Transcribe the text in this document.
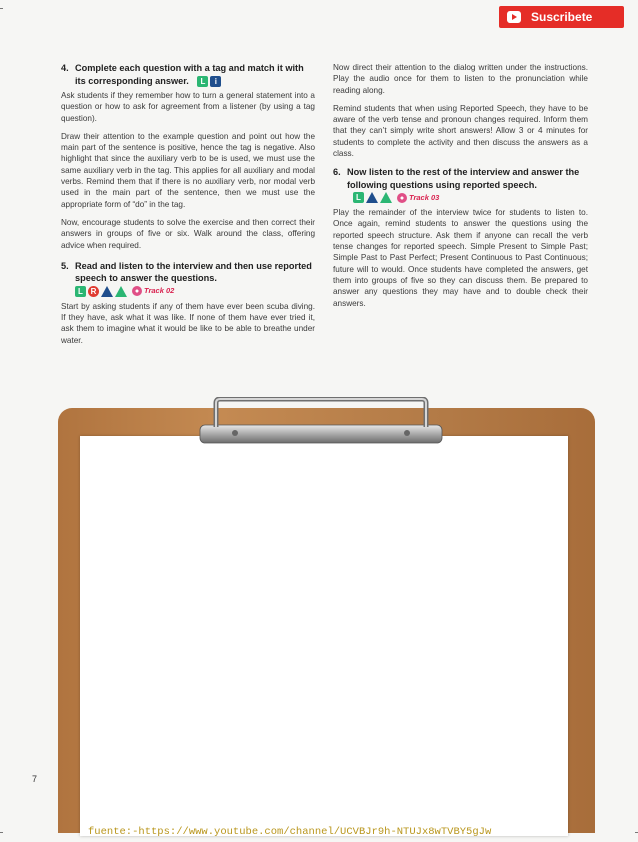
Suscribete
4. Complete each question with a tag and match it with its corresponding answer.	L	i

Ask students if they remember how to turn a general statement into a question or how to ask for agreement from a listener (by using a tag question).

Draw their attention to the example question and point out how the main part of the sentence is positive, hence the tag is negative. Also highlight that since the auxiliary verb to be is used, we must use the same auxiliary verb in the tag. This applies for all auxiliary and modal verbs. Remind them that if there is no auxiliary verb, nor modal verb used in the main part of the sentence, then we must use the appropriate form of “do” in the tag.

Now, encourage students to solve the exercise and then correct their answers in groups of five or six. Walk around the class, offering advice when required.

5. Read and listen to the interview and then use reported speech to answer the questions.

L R	Track 02

Start by asking students if any of them have ever been scuba diving. If they have, ask what it was like. If none of them have ever tried it, ask them to imagine what it would be like to be able to breathe under water.

Now direct their attention to the dialog written under the instructions. Play the audio once for them to listen to the pronunciation while reading along.

Remind students that when using Reported Speech, they have to be aware of the verb tense and pronoun changes required. Inform them that they can’t simply write short answers! Allow 3 or 4 minutes for students to complete the activity and then discuss the answers as a class.

6. Now listen to the rest of the interview and answer the following questions using reported speech.
L	Track 03

Play the remainder of the interview twice for students to listen to. Once again, remind students to answer the questions using the reported speech structure. Ask them if anyone can recall the verb tense changes for reported speech. Simple Present to Simple Past; Simple Past to Past Perfect; Present Continuous to Past Continuous; future will to would. Once students have completed the answers, get them into groups of five so they can discuss them. Be prepared to answer any questions they may have and to double check their answers.

7
fuente:-https://www.youtube.com/channel/UCVBJr9h-NTUJx8wTVBY5gJw
